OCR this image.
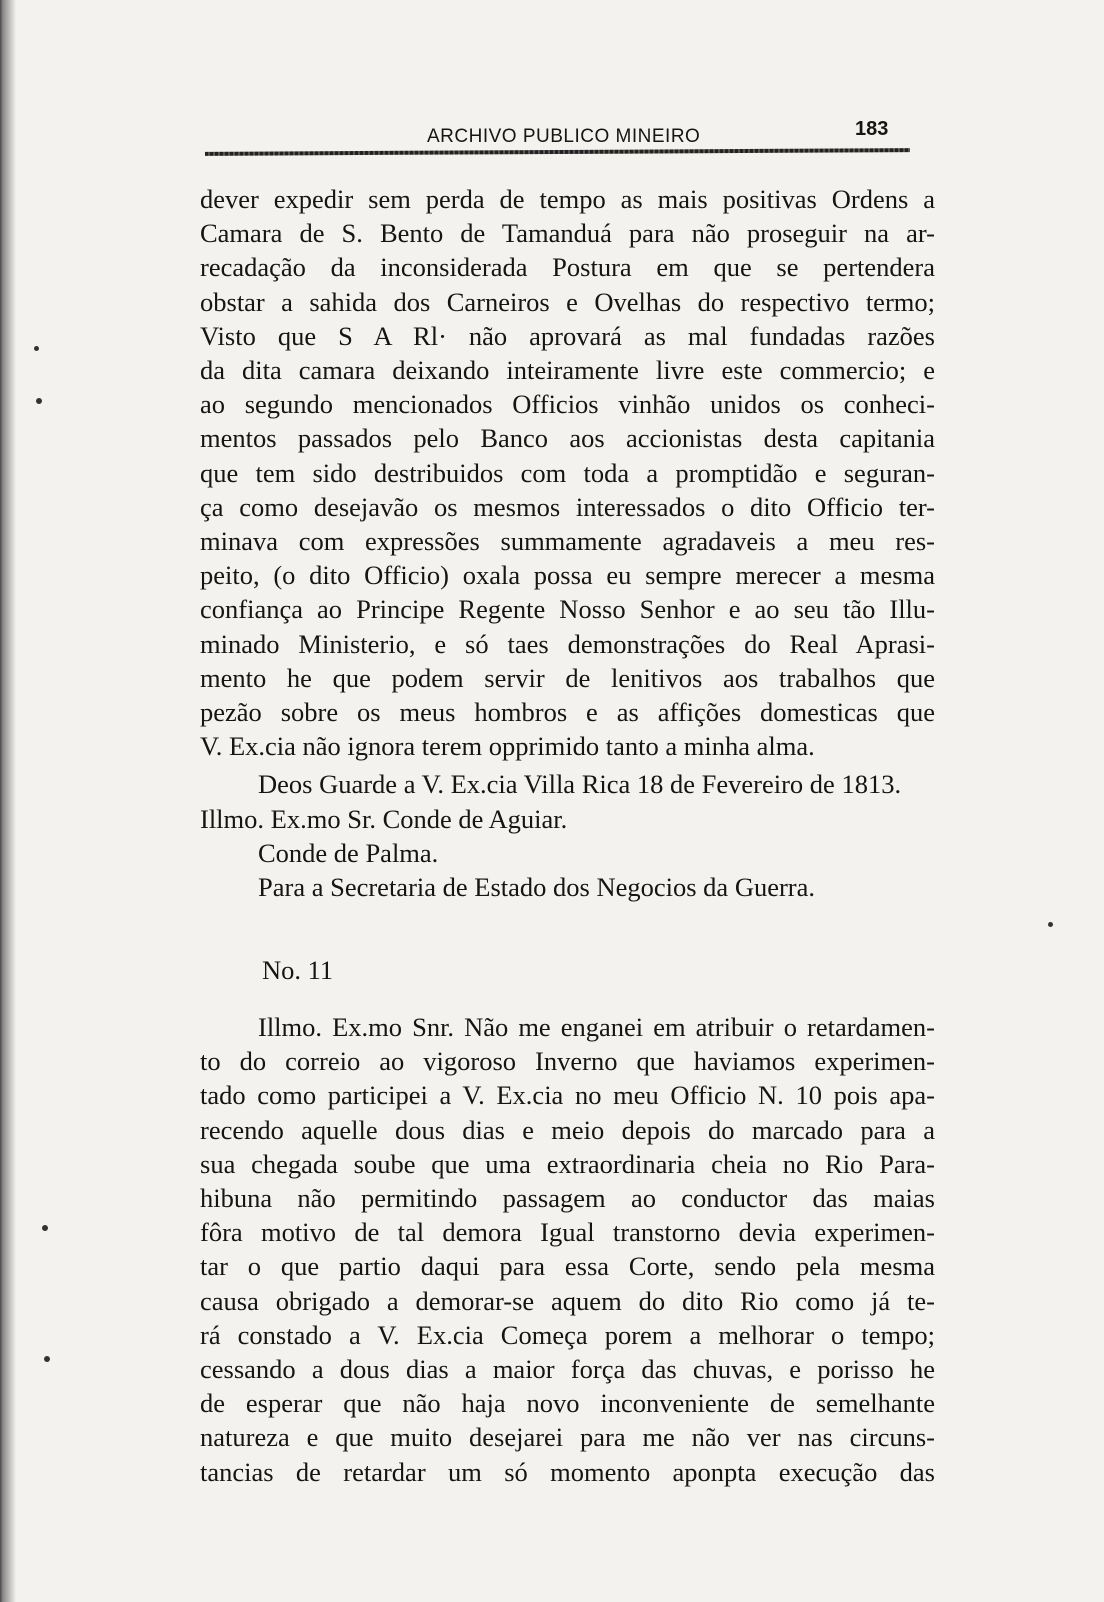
ARCHIVO PUBLICO MINEIRO	183

dever expedir sem perda de tempo as mais positivas Ordens a
Camara de S. Bento de Tamanduá para não proseguir na ar-
recadação da inconsiderada Postura em que se pertendera
obstar a sahida dos Carneiros e Ovelhas do respectivo termo;
Visto que S A Rl· não aprovará as mal fundadas razões
da dita camara deixando inteiramente livre este commercio; e
ao segundo mencionados Officios vinhão unidos os conheci-
mentos passados pelo Banco aos accionistas desta capitania
que tem sido destribuidos com toda a promptidão e seguran-
ça como desejavão os mesmos interessados o dito Officio ter-
minava com expressões summamente agradaveis a meu res-
peito, (o dito Officio) oxala possa eu sempre merecer a mesma
confiança ao Principe Regente Nosso Senhor e ao seu tão Illu-
minado Ministerio, e só taes demonstrações do Real Aprasi-
mento he que podem servir de lenitivos aos trabalhos que
pezão sobre os meus hombros e as affições domesticas que
V. Ex.cia não ignora terem opprimido tanto a minha alma.

Deos Guarde a V. Ex.cia Villa Rica 18 de Fevereiro de 1813.
Illmo. Ex.mo Sr. Conde de Aguiar.
Conde de Palma.
Para a Secretaria de Estado dos Negocios da Guerra.

No. 11

Illmo. Ex.mo Snr. Não me enganei em atribuir o retardamen-
to do correio ao vigoroso Inverno que haviamos experimen-
tado como participei a V. Ex.cia no meu Officio N. 10 pois apa-
recendo aquelle dous dias e meio depois do marcado para a
sua chegada soube que uma extraordinaria cheia no Rio Para-
hibuna não permitindo passagem ao conductor das maias
fôra motivo de tal demora Igual transtorno devia experimen-
tar o que partio daqui para essa Corte, sendo pela mesma
causa obrigado a demorar-se aquem do dito Rio como já te-
rá constado a V. Ex.cia Começa porem a melhorar o tempo;
cessando a dous dias a maior força das chuvas, e porisso he
de esperar que não haja novo inconveniente de semelhante
natureza e que muito desejarei para me não ver nas circuns-
tancias de retardar um só momento aponpta execução das
